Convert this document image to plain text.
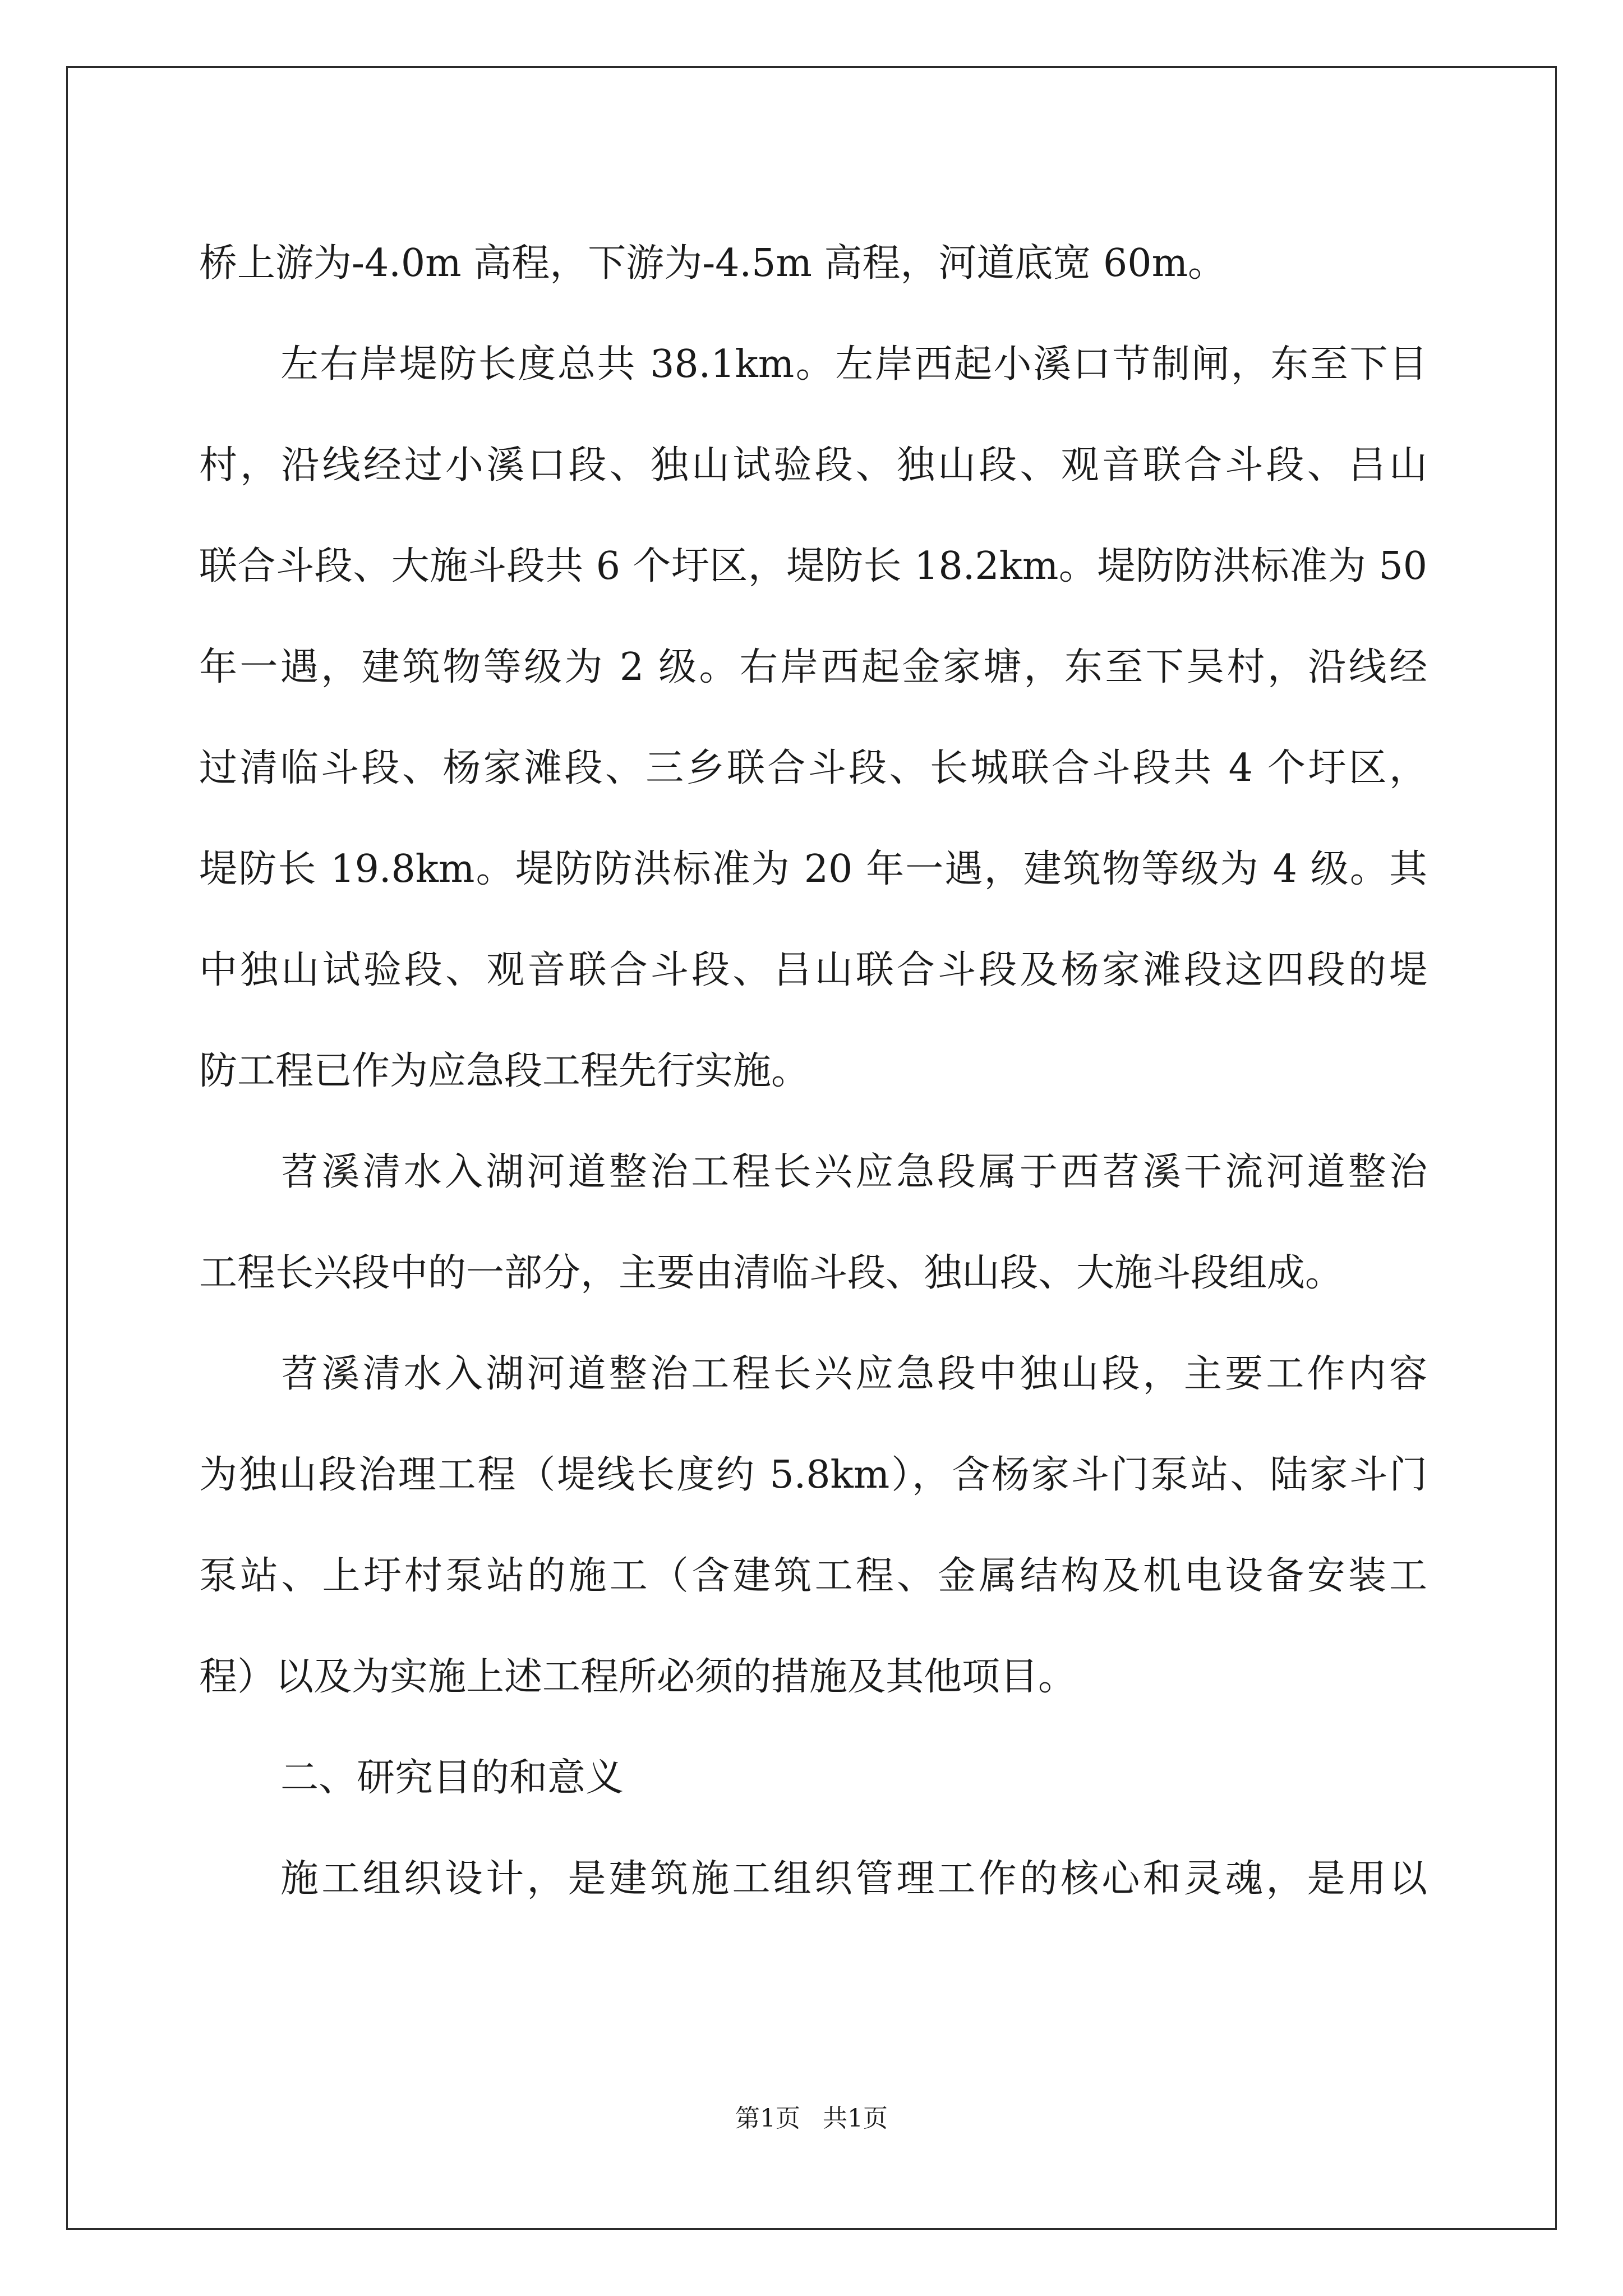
桥上游为-4.0m 高程，下游为-4.5m 高程，河道底宽 60m。

左右岸堤防长度总共 38.1km。左岸西起小溪口节制闸，东至下目

村，沿线经过小溪口段、独山试验段、独山段、观音联合斗段、吕山

联合斗段、大施斗段共 6 个圩区，堤防长 18.2km。堤防防洪标准为 50

年一遇，建筑物等级为 2 级。右岸西起金家塘，东至下吴村，沿线经

过清临斗段、杨家滩段、三乡联合斗段、长城联合斗段共 4 个圩区，

堤防长 19.8km。堤防防洪标准为 20 年一遇，建筑物等级为 4 级。其

中独山试验段、观音联合斗段、吕山联合斗段及杨家滩段这四段的堤

防工程已作为应急段工程先行实施。

苕溪清水入湖河道整治工程长兴应急段属于西苕溪干流河道整治

工程长兴段中的一部分，主要由清临斗段、独山段、大施斗段组成。

苕溪清水入湖河道整治工程长兴应急段中独山段，主要工作内容

为独山段治理工程（堤线长度约 5.8km），含杨家斗门泵站、陆家斗门

泵站、上圩村泵站的施工（含建筑工程、金属结构及机电设备安装工

程）以及为实施上述工程所必须的措施及其他项目。

二、研究目的和意义

施工组织设计，是建筑施工组织管理工作的核心和灵魂，是用以

第1页 共1页
